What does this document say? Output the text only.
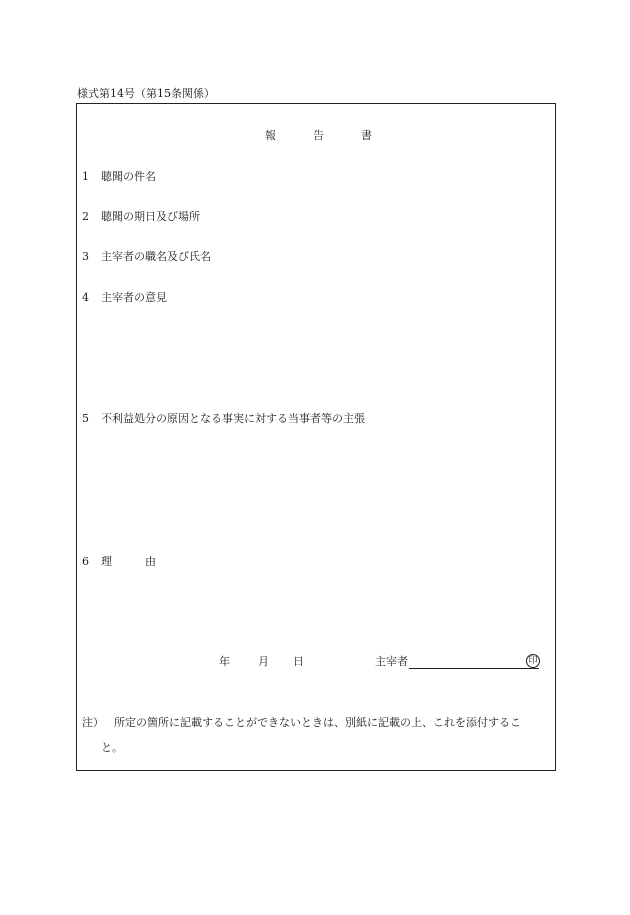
様式第14号（第15条関係）
報	告	書
1 聴聞の件名
2 聴聞の期日及び場所
3 主宰者の職名及び氏名
4 主宰者の意見
5 不利益処分の原因となる事実に対する当事者等の主張
6 理　　　由
年	月 日	主宰者	印
注） 所定の箇所に記載することができないときは、別紙に記載の上、これを添付するこ
と。
